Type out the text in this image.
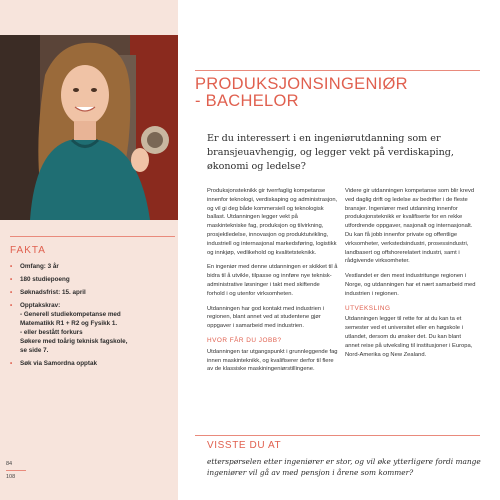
FAKTA
• Omfang: 3 år
• 180 studiepoeng
• Søknadsfrist: 15. april
• Opptakskrav:
- Generell studiekompetanse med
Matematikk R1 + R2 og Fysikk 1.
- eller bestått forkurs
Søkere med toårig teknisk fagskole,
se side 7.
• Søk via Samordna opptak
84
108
PRODUKSJONSINGENIØR
- BACHELOR
Er du interessert i en ingeniørutdanning som er bransjeuavhengig, og legger vekt på verdiskaping, økonomi og ledelse?

Produksjonsteknikk gir tverrfaglig kompetanse innenfor teknologi, verdiskaping og administrasjon, og vil gi deg både kommersiell og teknologisk ballast. Utdanningen legger vekt på maskintekniske fag, produksjon og tilvirkning, prosjektledelse, innovasjon og produktutvikling, industriell og internasjonal markedsføring, logistikk og innkjøp, vedlikehold og kvalitetsteknikk.

En ingeniør med denne utdanningen er skikket til å bidra til å utvikle, tilpasse og innføre nye teknisk-administrative løsninger i takt med skiftende forhold i og utenfor virksomheten.

Utdanningen har god kontakt med industrien i regionen, blant annet ved at studentene gjør oppgaver i samarbeid med industrien.

HVOR FÅR DU JOBB?

Utdanningen tar utgangspunkt i grunnleggende fag innen maskinteknikk, og kvalifiserer derfor til flere av de klassiske maskiningeniørstillingene.

Videre gir utdanningen kompetanse som blir krevd ved daglig drift og ledelse av bedrifter i de fleste bransjer. Ingeniører med utdanning innenfor produksjonsteknikk er kvalifiserte for en rekke utfordrende oppgaver, nasjonalt og internasjonalt. Du kan få jobb innenfor private og offentlige virksomheter, verkstedsindustri, prosessindustri, landbasert og offshorerelatert industri, samt i rådgivende virksomheter.

Vestlandet er den mest industritunge regionen i Norge, og utdanningen har et nært samarbeid med industrien i regionen.

UTVEKSLING

Utdanningen legger til rette for at du kan ta et semester ved et universitet eller en høgskole i utlandet, dersom du ønsker det. Du kan blant annet reise på utveksling til institusjoner i Europa, Nord-Amerika og New Zealand.

VISSTE DU AT
etterspørselen etter ingeniører er stor, og vil øke ytterligere fordi mange ingeniører vil gå av med pensjon i årene som kommer?
